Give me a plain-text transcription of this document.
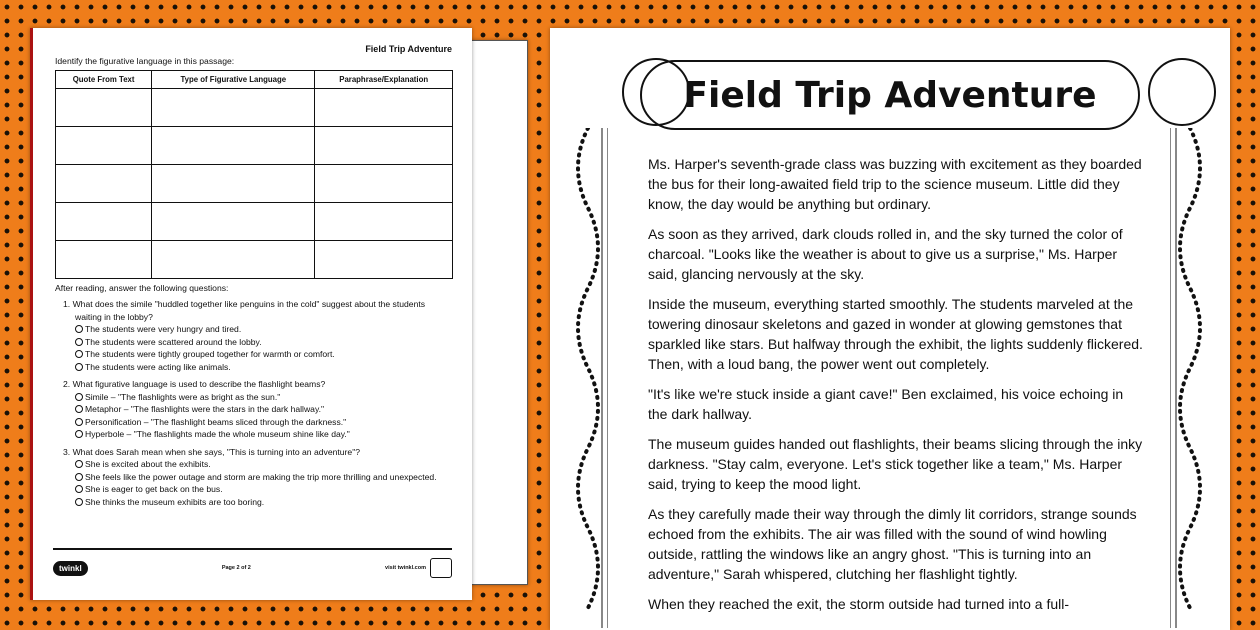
Field Trip Adventure
Identify the figurative language in this passage:
Quote From Text	Type of Figurative Language	Paraphrase/Explanation

After reading, answer the following questions:
1. What does the simile "huddled together like penguins in the cold" suggest about the students waiting in the lobby?
The students were very hungry and tired.
The students were scattered around the lobby.
The students were tightly grouped together for warmth or comfort.
The students were acting like animals.
2. What figurative language is used to describe the flashlight beams?
Simile – "The flashlights were as bright as the sun."
Metaphor – "The flashlights were the stars in the dark hallway."
Personification – "The flashlight beams sliced through the darkness."
Hyperbole – "The flashlights made the whole museum shine like day."
3. What does Sarah mean when she says, "This is turning into an adventure"?
She is excited about the exhibits.
She feels like the power outage and storm are making the trip more thrilling and unexpected.
She is eager to get back on the bus.
She thinks the museum exhibits are too boring.
twinkl	Page 2 of 2	visit twinkl.com
Field Trip Adventure

Ms. Harper's seventh-grade class was buzzing with excitement as they boarded the bus for their long-awaited field trip to the science museum. Little did they know, the day would be anything but ordinary.

As soon as they arrived, dark clouds rolled in, and the sky turned the color of charcoal. "Looks like the weather is about to give us a surprise," Ms. Harper said, glancing nervously at the sky.

Inside the museum, everything started smoothly. The students marveled at the towering dinosaur skeletons and gazed in wonder at glowing gemstones that sparkled like stars. But halfway through the exhibit, the lights suddenly flickered. Then, with a loud bang, the power went out completely.

"It's like we're stuck inside a giant cave!" Ben exclaimed, his voice echoing in the dark hallway.

The museum guides handed out flashlights, their beams slicing through the inky darkness. "Stay calm, everyone. Let's stick together like a team," Ms. Harper said, trying to keep the mood light.

As they carefully made their way through the dimly lit corridors, strange sounds echoed from the exhibits. The air was filled with the sound of wind howling outside, rattling the windows like an angry ghost. "This is turning into an adventure," Sarah whispered, clutching her flashlight tightly.

When they reached the exit, the storm outside had turned into a full-
